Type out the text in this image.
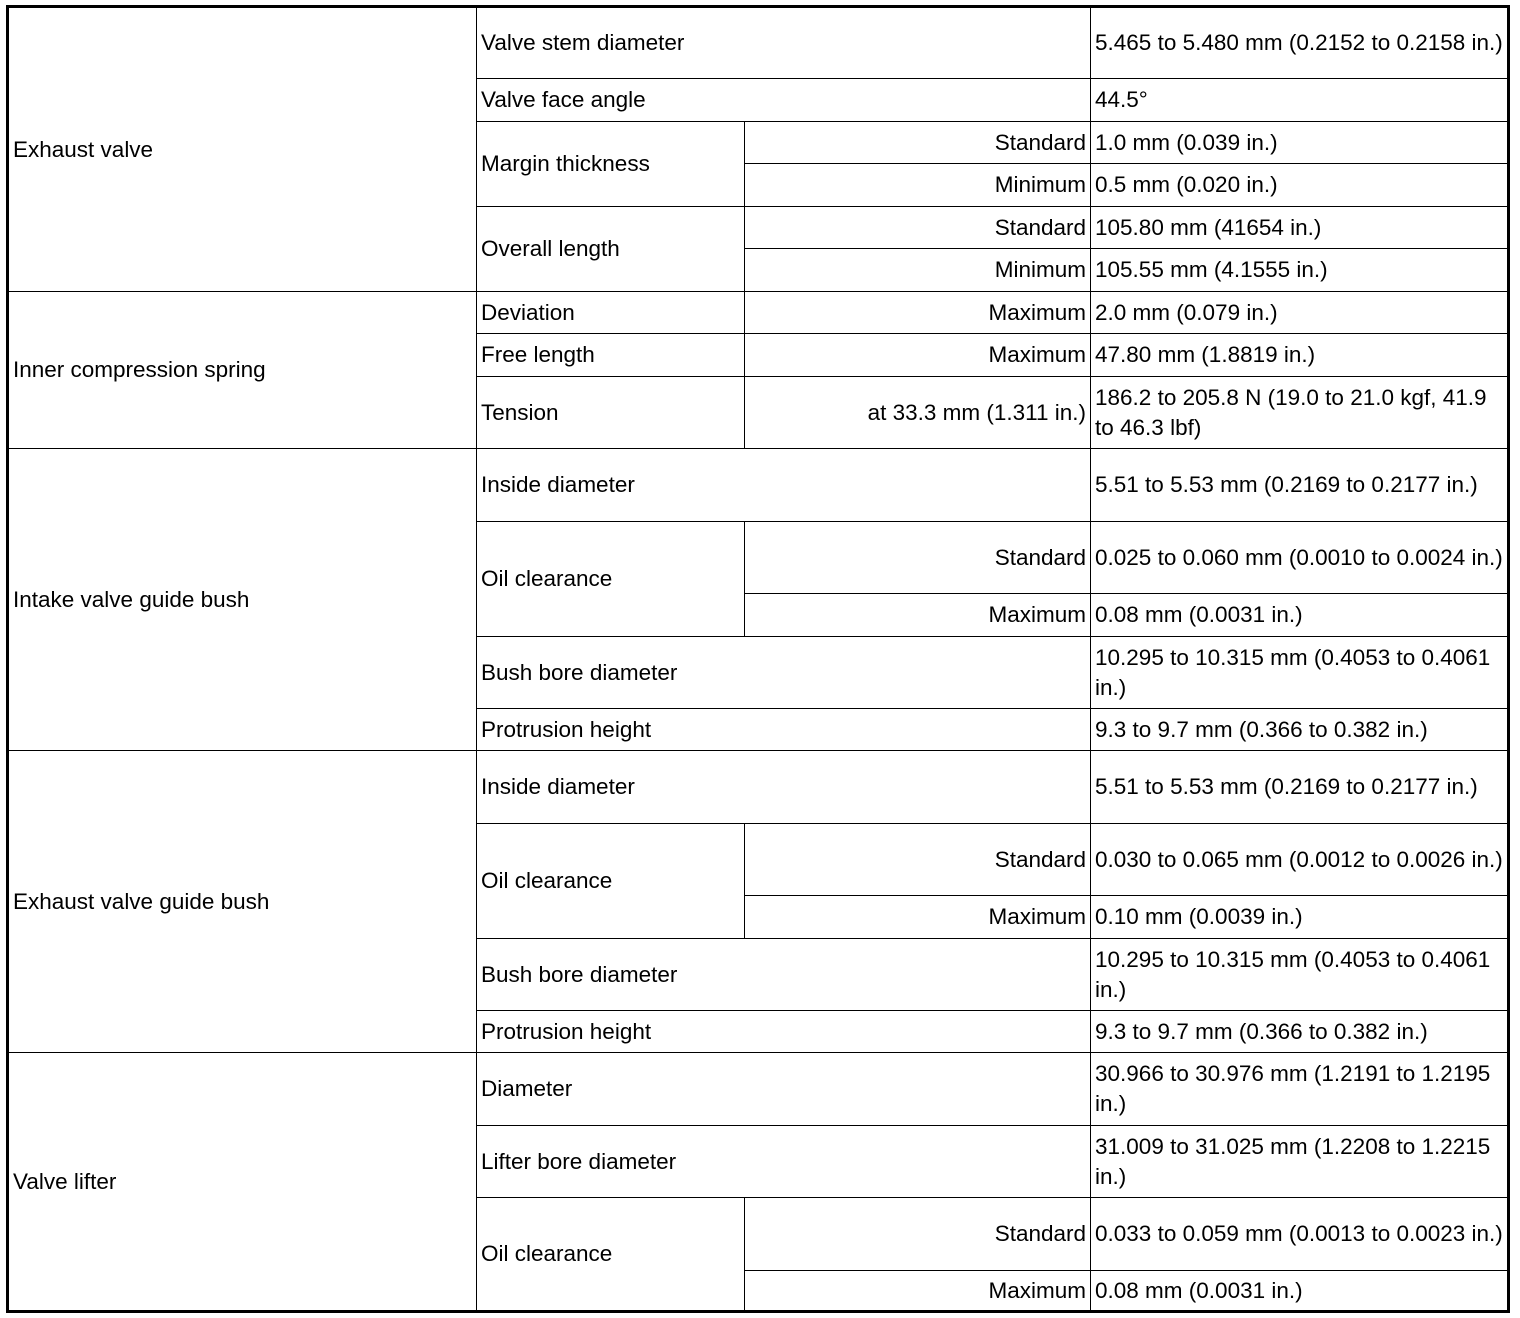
Exhaust valve	Valve stem diameter		5.465 to 5.480 mm (0.2152 to 0.2158 in.)
	Valve face angle		44.5°
	Margin thickness	Standard	1.0 mm (0.039 in.)
		Minimum	0.5 mm (0.020 in.)
	Overall length	Standard	105.80 mm (41654 in.)
		Minimum	105.55 mm (4.1555 in.)
Inner compression spring	Deviation	Maximum	2.0 mm (0.079 in.)
	Free length	Maximum	47.80 mm (1.8819 in.)
	Tension	at 33.3 mm (1.311 in.)	186.2 to 205.8 N (19.0 to 21.0 kgf, 41.9 to 46.3 lbf)
Intake valve guide bush	Inside diameter		5.51 to 5.53 mm (0.2169 to 0.2177 in.)
	Oil clearance	Standard	0.025 to 0.060 mm (0.0010 to 0.0024 in.)
		Maximum	0.08 mm (0.0031 in.)
	Bush bore diameter		10.295 to 10.315 mm (0.4053 to 0.4061 in.)
	Protrusion height		9.3 to 9.7 mm (0.366 to 0.382 in.)
Exhaust valve guide bush	Inside diameter		5.51 to 5.53 mm (0.2169 to 0.2177 in.)
	Oil clearance	Standard	0.030 to 0.065 mm (0.0012 to 0.0026 in.)
		Maximum	0.10 mm (0.0039 in.)
	Bush bore diameter		10.295 to 10.315 mm (0.4053 to 0.4061 in.)
	Protrusion height		9.3 to 9.7 mm (0.366 to 0.382 in.)
Valve lifter	Diameter		30.966 to 30.976 mm (1.2191 to 1.2195 in.)
	Lifter bore diameter		31.009 to 31.025 mm (1.2208 to 1.2215 in.)
	Oil clearance	Standard	0.033 to 0.059 mm (0.0013 to 0.0023 in.)
		Maximum	0.08 mm (0.0031 in.)
